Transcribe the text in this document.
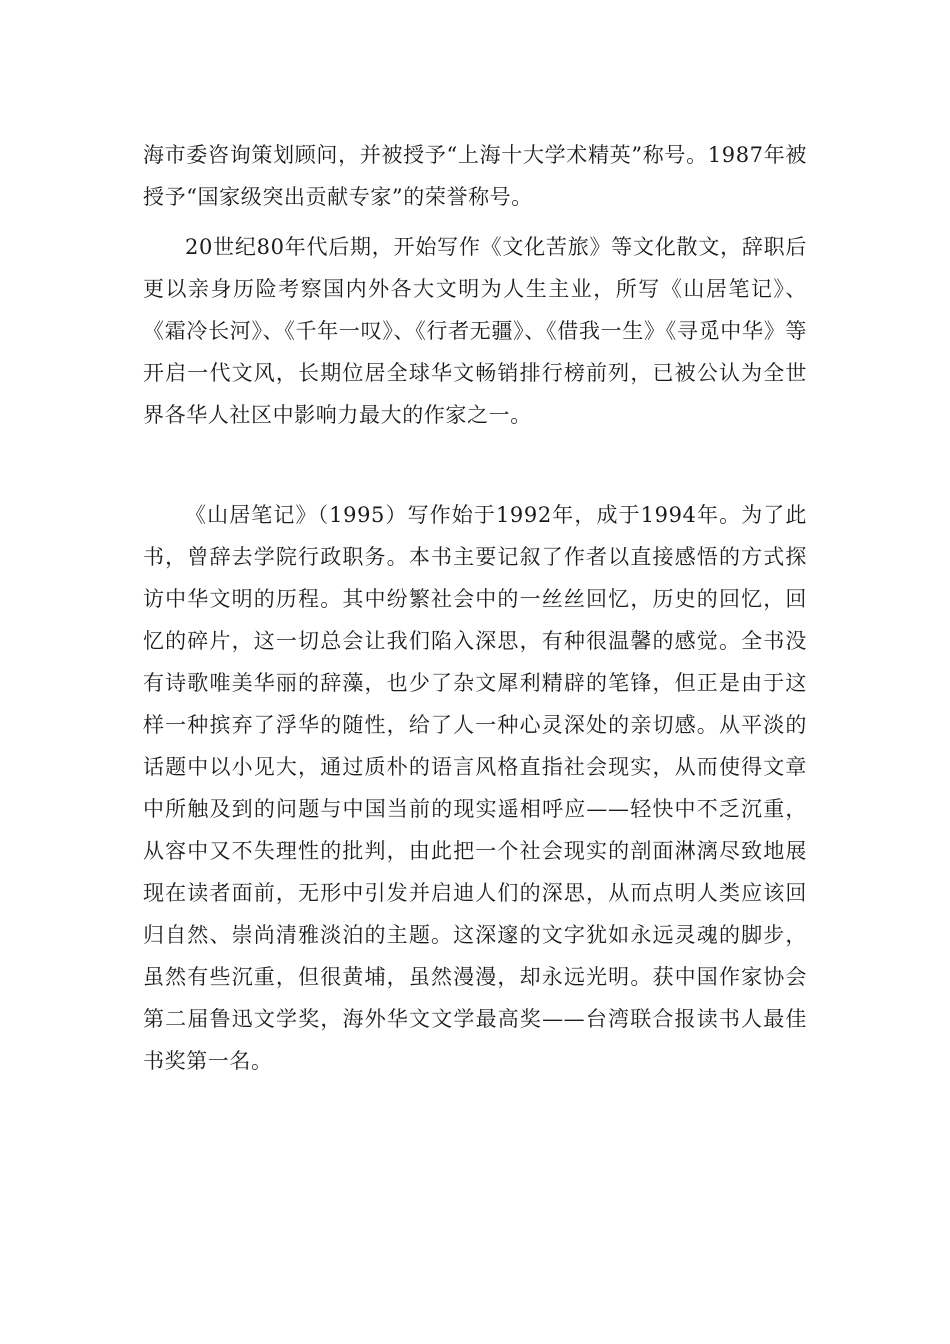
海市委咨询策划顾问，并被授予“上海十大学术精英”称号。1987年被授予“国家级突出贡献专家”的荣誉称号。

20世纪80年代后期，开始写作《文化苦旅》等文化散文，辞职后更以亲身历险考察国内外各大文明为人生主业，所写《山居笔记》、《霜冷长河》、《千年一叹》、《行者无疆》、《借我一生》《寻觅中华》等开启一代文风，长期位居全球华文畅销排行榜前列，已被公认为全世界各华人社区中影响力最大的作家之一。

《山居笔记》（1995）写作始于1992年，成于1994年。为了此书，曾辞去学院行政职务。本书主要记叙了作者以直接感悟的方式探访中华文明的历程。其中纷繁社会中的一丝丝回忆，历史的回忆，回忆的碎片，这一切总会让我们陷入深思，有种很温馨的感觉。全书没有诗歌唯美华丽的辞藻，也少了杂文犀利精辟的笔锋，但正是由于这样一种摈弃了浮华的随性，给了人一种心灵深处的亲切感。从平淡的话题中以小见大，通过质朴的语言风格直指社会现实，从而使得文章中所触及到的问题与中国当前的现实遥相呼应——轻快中不乏沉重，从容中又不失理性的批判，由此把一个社会现实的剖面淋漓尽致地展现在读者面前，无形中引发并启迪人们的深思，从而点明人类应该回归自然、崇尚清雅淡泊的主题。这深邃的文字犹如永远灵魂的脚步，虽然有些沉重，但很黄埔，虽然漫漫，却永远光明。获中国作家协会第二届鲁迅文学奖，海外华文文学最高奖——台湾联合报读书人最佳书奖第一名。
